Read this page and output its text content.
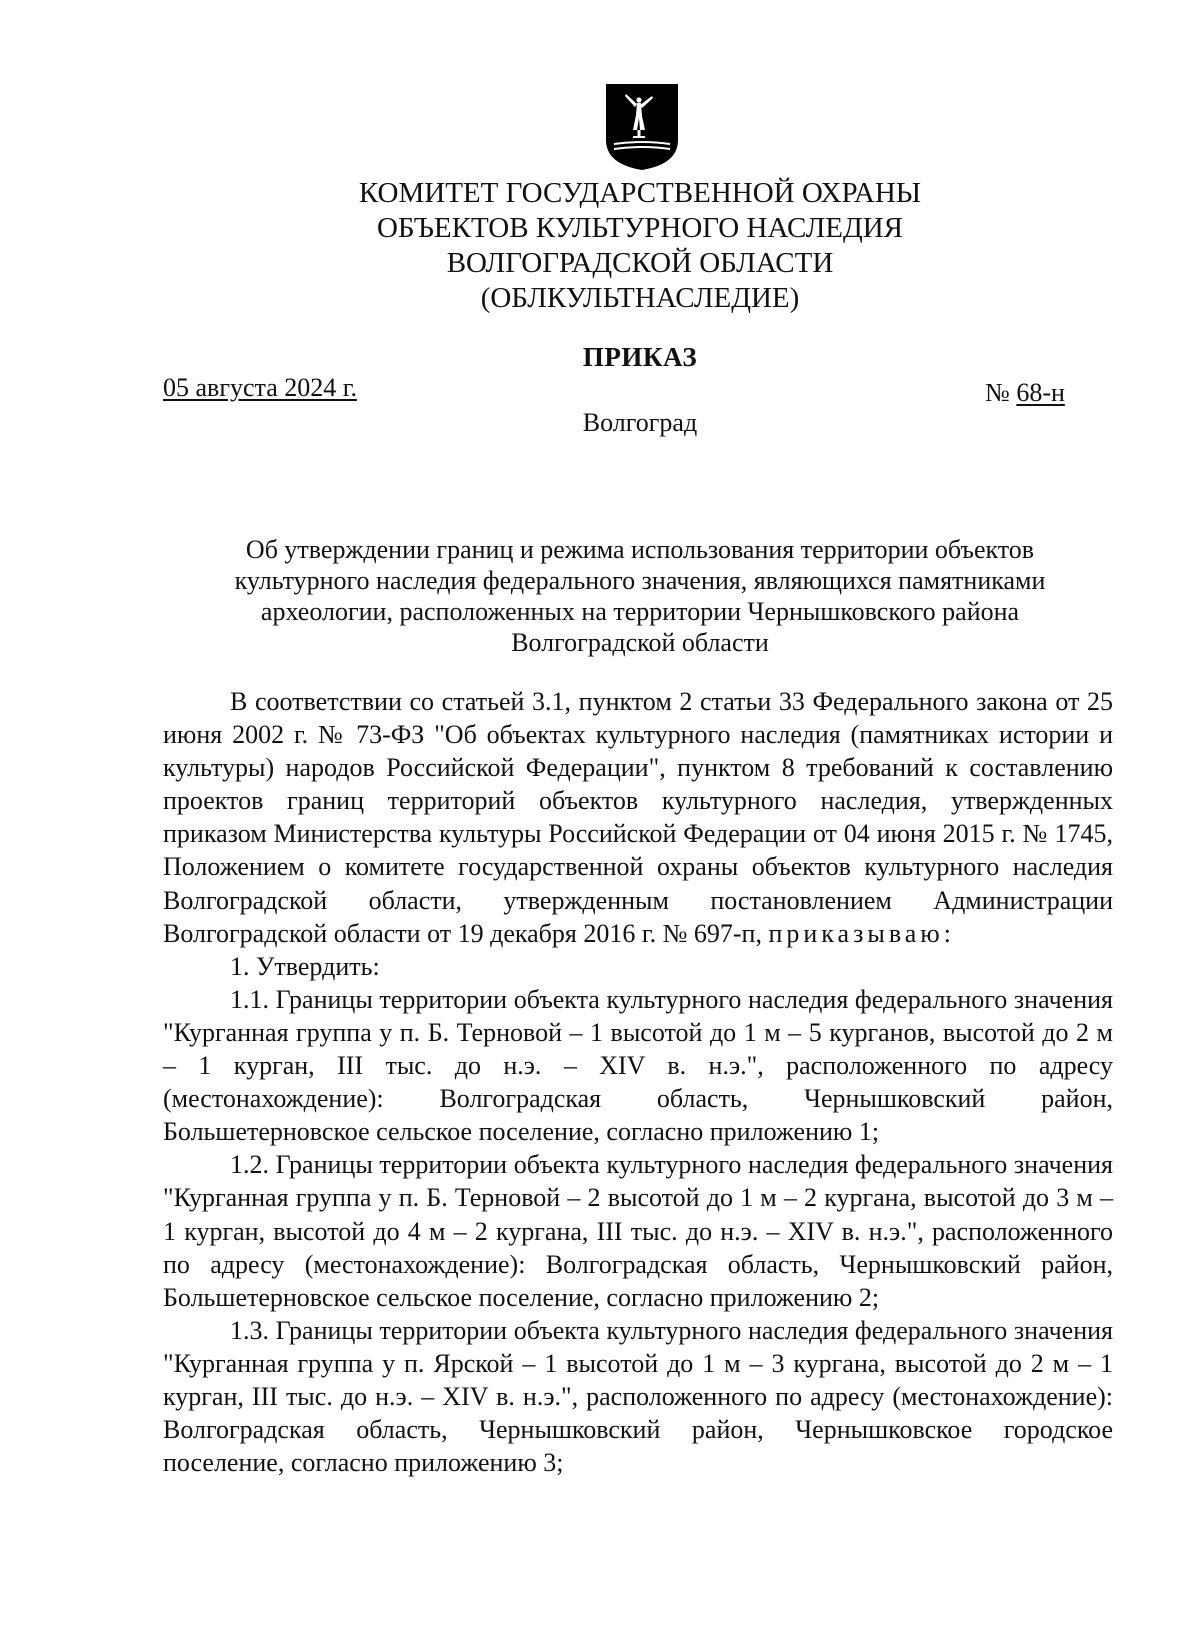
КОМИТЕТ ГОСУДАРСТВЕННОЙ ОХРАНЫ
ОБЪЕКТОВ КУЛЬТУРНОГО НАСЛЕДИЯ
ВОЛГОГРАДСКОЙ ОБЛАСТИ
(ОБЛКУЛЬТНАСЛЕДИЕ)
ПРИКАЗ
05 августа 2024 г.	№ 68-н
Волгоград
Об утверждении границ и режима использования территории объектов
культурного наследия федерального значения, являющихся памятниками
археологии, расположенных на территории Чернышковского района
Волгоградской области

В соответствии со статьей 3.1, пунктом 2 статьи 33 Федерального закона от 25 июня 2002 г. № 73-ФЗ "Об объектах культурного наследия (памятниках истории и культуры) народов Российской Федерации", пунктом 8 требований к составлению проектов границ территорий объектов культурного наследия, утвержденных приказом Министерства культуры Российской Федерации от 04 июня 2015 г. № 1745, Положением о комитете государственной охраны объектов культурного наследия Волгоградской области, утвержденным постановлением Администрации Волгоградской области от 19 декабря 2016 г. № 697-п, приказываю:

1. Утвердить:

1.1. Границы территории объекта культурного наследия федерального значения "Курганная группа у п. Б. Терновой – 1 высотой до 1 м – 5 курганов, высотой до 2 м – 1 курган, III тыс. до н.э. – XIV в. н.э.", расположенного по адресу (местонахождение): Волгоградская область, Чернышковский район, Большетерновское сельское поселение, согласно приложению 1;

1.2. Границы территории объекта культурного наследия федерального значения "Курганная группа у п. Б. Терновой – 2 высотой до 1 м – 2 кургана, высотой до 3 м – 1 курган, высотой до 4 м – 2 кургана, III тыс. до н.э. – XIV в. н.э.", расположенного по адресу (местонахождение): Волгоградская область, Чернышковский район, Большетерновское сельское поселение, согласно приложению 2;

1.3. Границы территории объекта культурного наследия федерального значения "Курганная группа у п. Ярской – 1 высотой до 1 м – 3 кургана, высотой до 2 м – 1 курган, III тыс. до н.э. – XIV в. н.э.", расположенного по адресу (местонахождение): Волгоградская область, Чернышковский район, Чернышковское городское поселение, согласно приложению 3;
